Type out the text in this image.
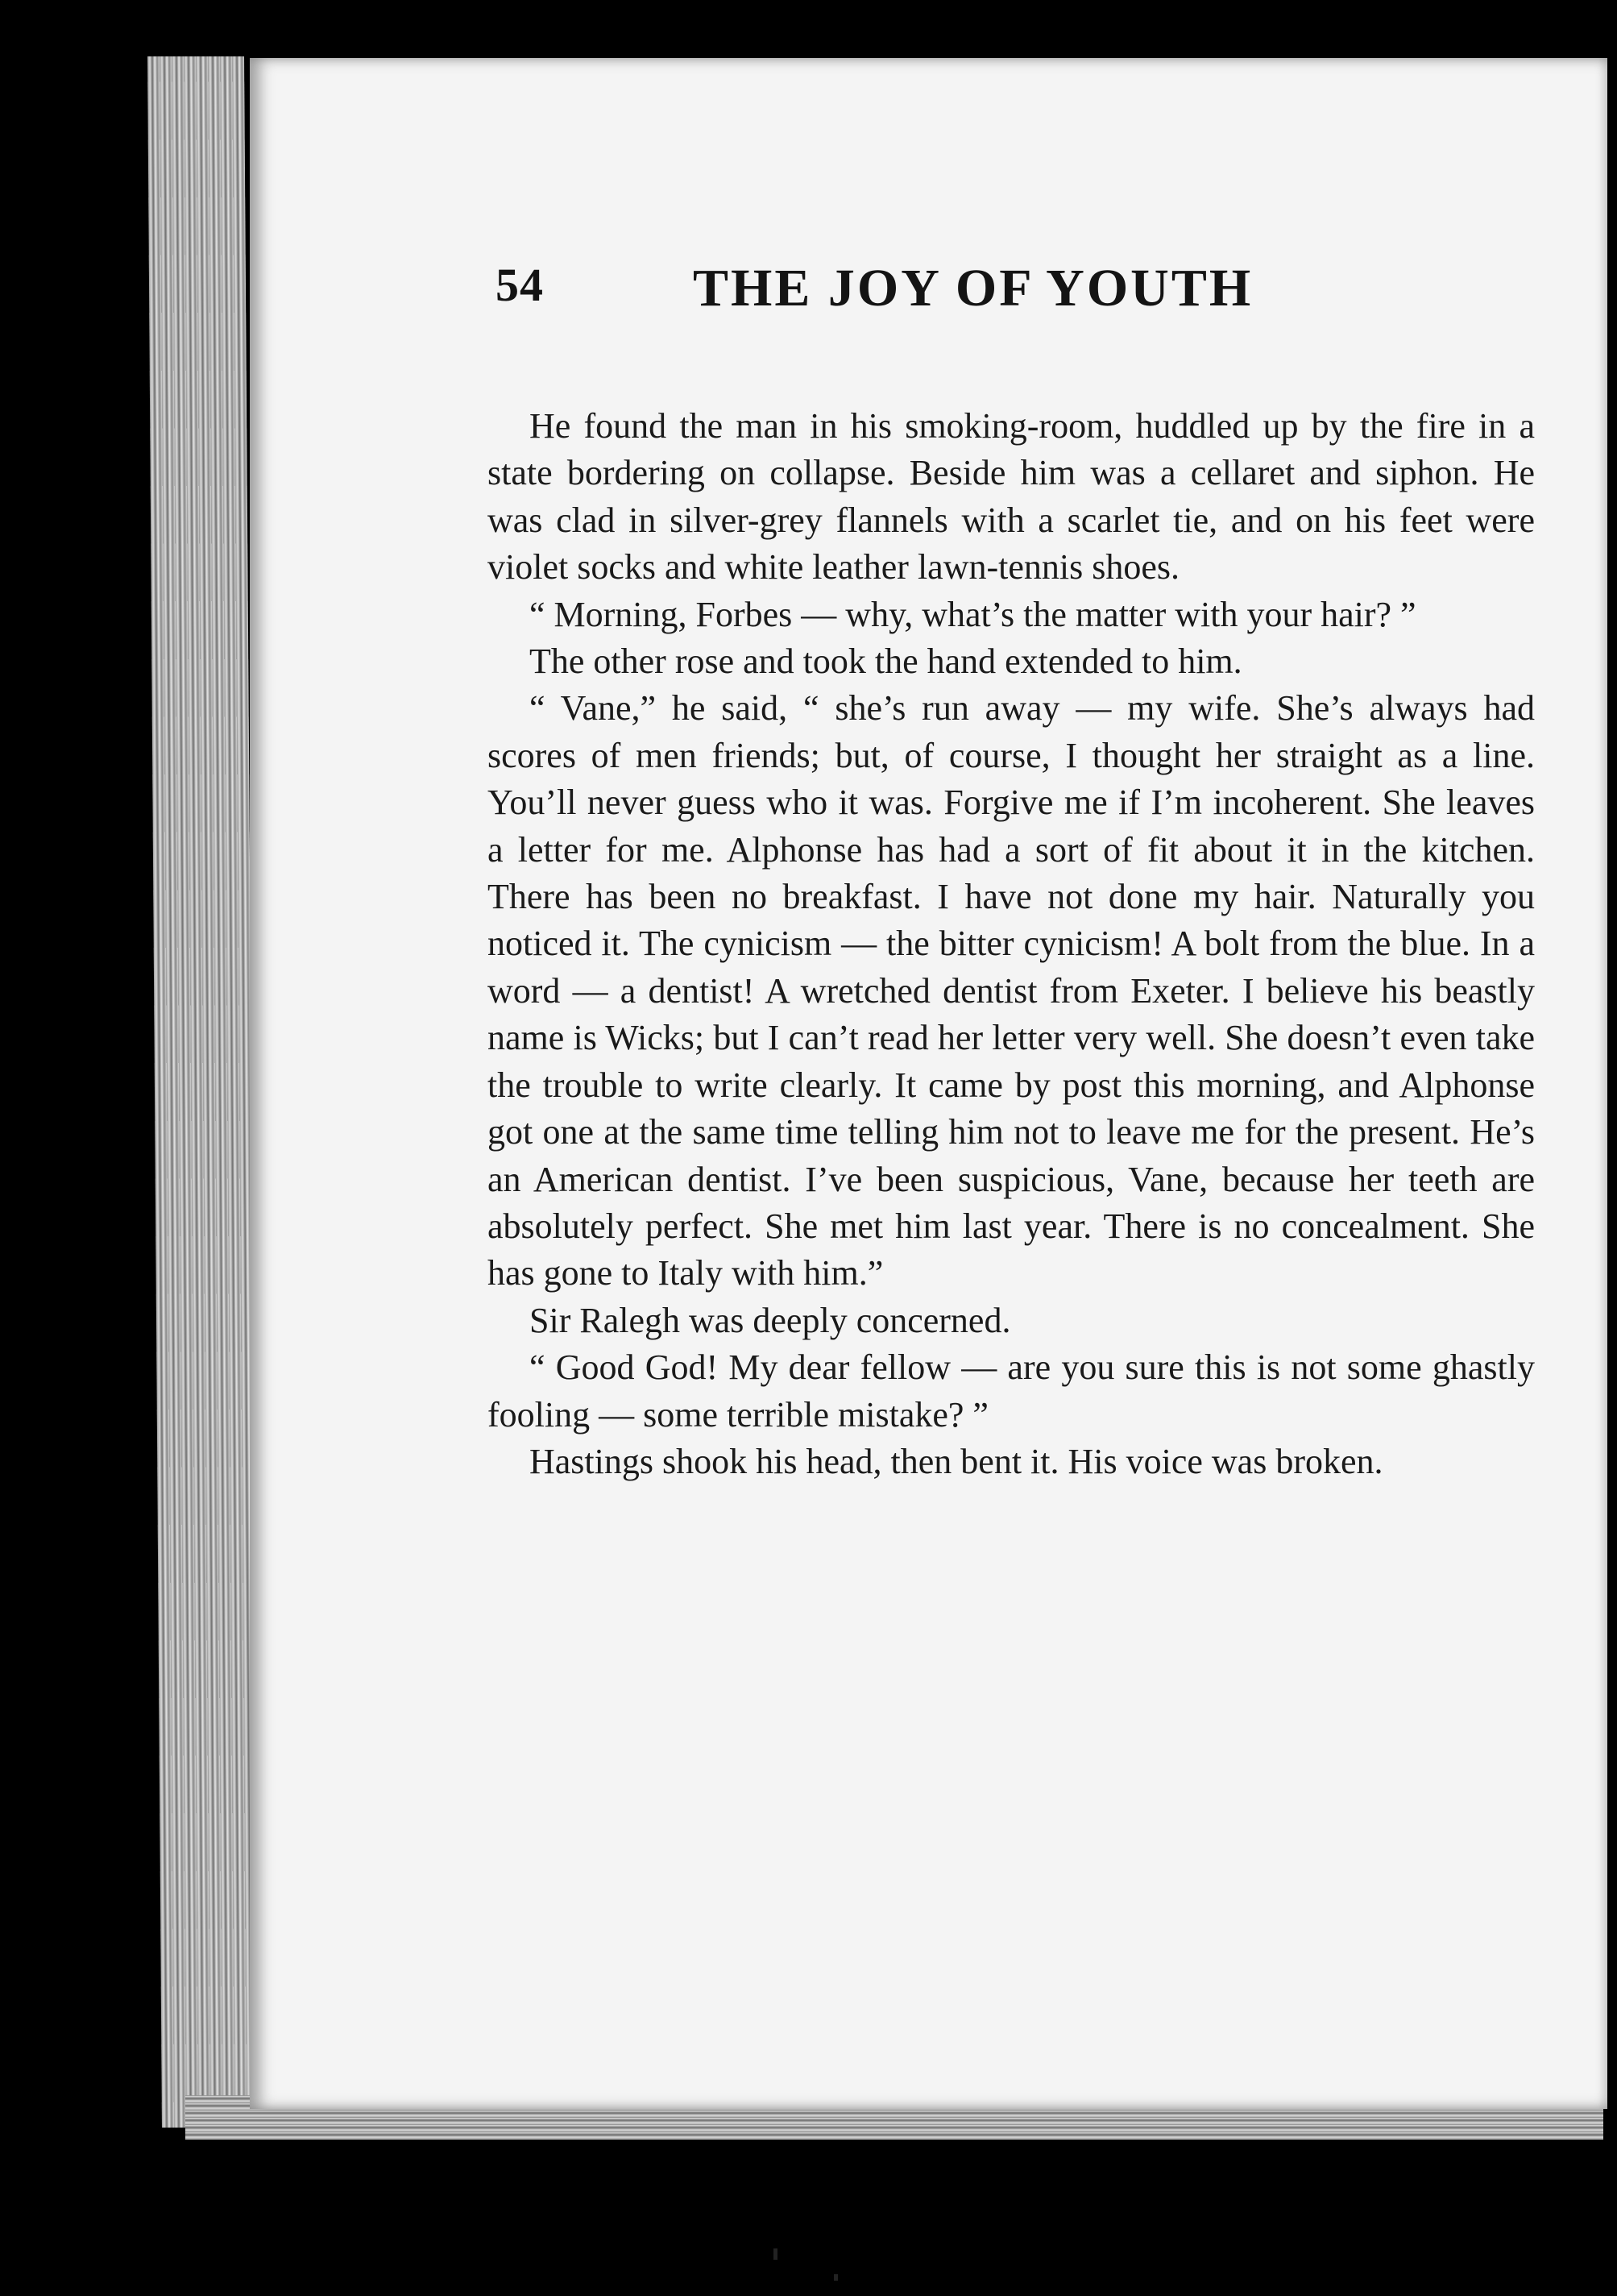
54	THE JOY OF YOUTH

He found the man in his smoking-room, huddled up by the fire in a state bordering on collapse. Beside him was a cellaret and siphon. He was clad in silver-grey flannels with a scarlet tie, and on his feet were violet socks and white leather lawn-tennis shoes.

“ Morning, Forbes — why, what’s the matter with your hair? ”

The other rose and took the hand extended to him.

“ Vane,” he said, “ she’s run away — my wife. She’s always had scores of men friends; but, of course, I thought her straight as a line. You’ll never guess who it was. Forgive me if I’m incoherent. She leaves a letter for me. Alphonse has had a sort of fit about it in the kitchen. There has been no breakfast. I have not done my hair. Naturally you noticed it. The cynicism — the bitter cynicism! A bolt from the blue. In a word — a dentist! A wretched dentist from Exeter. I believe his beastly name is Wicks; but I can’t read her letter very well. She doesn’t even take the trouble to write clearly. It came by post this morning, and Alphonse got one at the same time telling him not to leave me for the present. He’s an American dentist. I’ve been suspicious, Vane, because her teeth are absolutely perfect. She met him last year. There is no concealment. She has gone to Italy with him.”

Sir Ralegh was deeply concerned.

“ Good God! My dear fellow — are you sure this is not some ghastly fooling — some terrible mistake? ”

Hastings shook his head, then bent it. His voice was broken.
